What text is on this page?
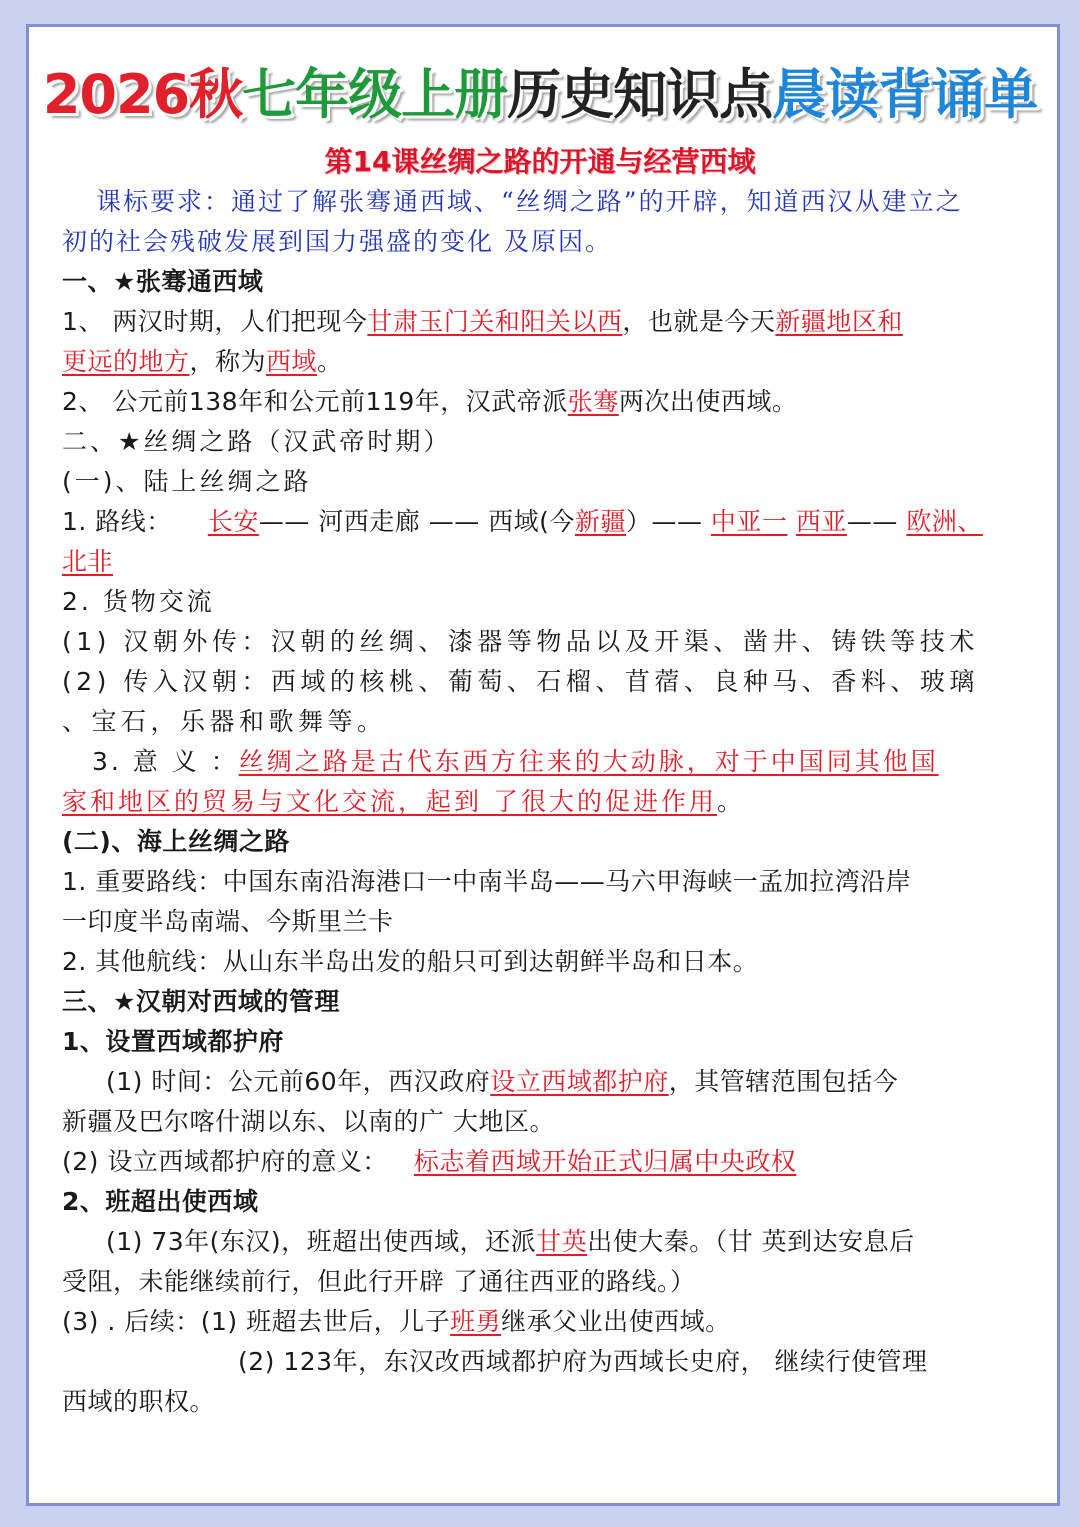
2026秋七年级上册历史知识点晨读背诵单
第14课丝绸之路的开通与经营西域
课标要求：通过了解张骞通西域、“丝绸之路”的开辟，知道西汉从建立之
初的社会残破发展到国力强盛的变化 及原因。
一、★张骞通西域
1、 两汉时期，人们把现今甘肃玉门关和阳关以西，也就是今天新疆地区和
更远的地方，称为西域。
2、 公元前138年和公元前119年，汉武帝派张骞两次出使西域。
二、★丝绸之路（汉武帝时期）
(一)、陆上丝绸之路
1. 路线： 长安—— 河西走廊 —— 西域(今新疆）—— 中亚一 西亚—— 欧洲、
北非
2. 货物交流
(1) 汉朝外传：汉朝的丝绸、漆器等物品以及开渠、凿井、铸铁等技术
(2) 传入汉朝：西域的核桃、葡萄、石榴、苜蓿、良种马、香料、玻璃
、宝石，乐器和歌舞等。
3. 意 义 ：丝绸之路是古代东西方往来的大动脉，对于中国同其他国
家和地区的贸易与文化交流，起到 了很大的促进作用。
(二)、海上丝绸之路
1. 重要路线：中国东南沿海港口一中南半岛——马六甲海峡一孟加拉湾沿岸
一印度半岛南端、今斯里兰卡
2. 其他航线：从山东半岛出发的船只可到达朝鲜半岛和日本。
三、★汉朝对西域的管理
1、设置西域都护府
(1) 时间：公元前60年，西汉政府设立西域都护府，其管辖范围包括今
新疆及巴尔喀什湖以东、以南的广 大地区。
(2) 设立西域都护府的意义： 标志着西域开始正式归属中央政权
2、班超出使西域
(1) 73年(东汉)，班超出使西域，还派甘英出使大秦。（甘 英到达安息后
受阻，未能继续前行，但此行开辟 了通往西亚的路线。）
(3) . 后续：(1) 班超去世后，儿子班勇继承父业出使西域。
(2) 123年，东汉改西域都护府为西域长史府， 继续行使管理
西域的职权。
